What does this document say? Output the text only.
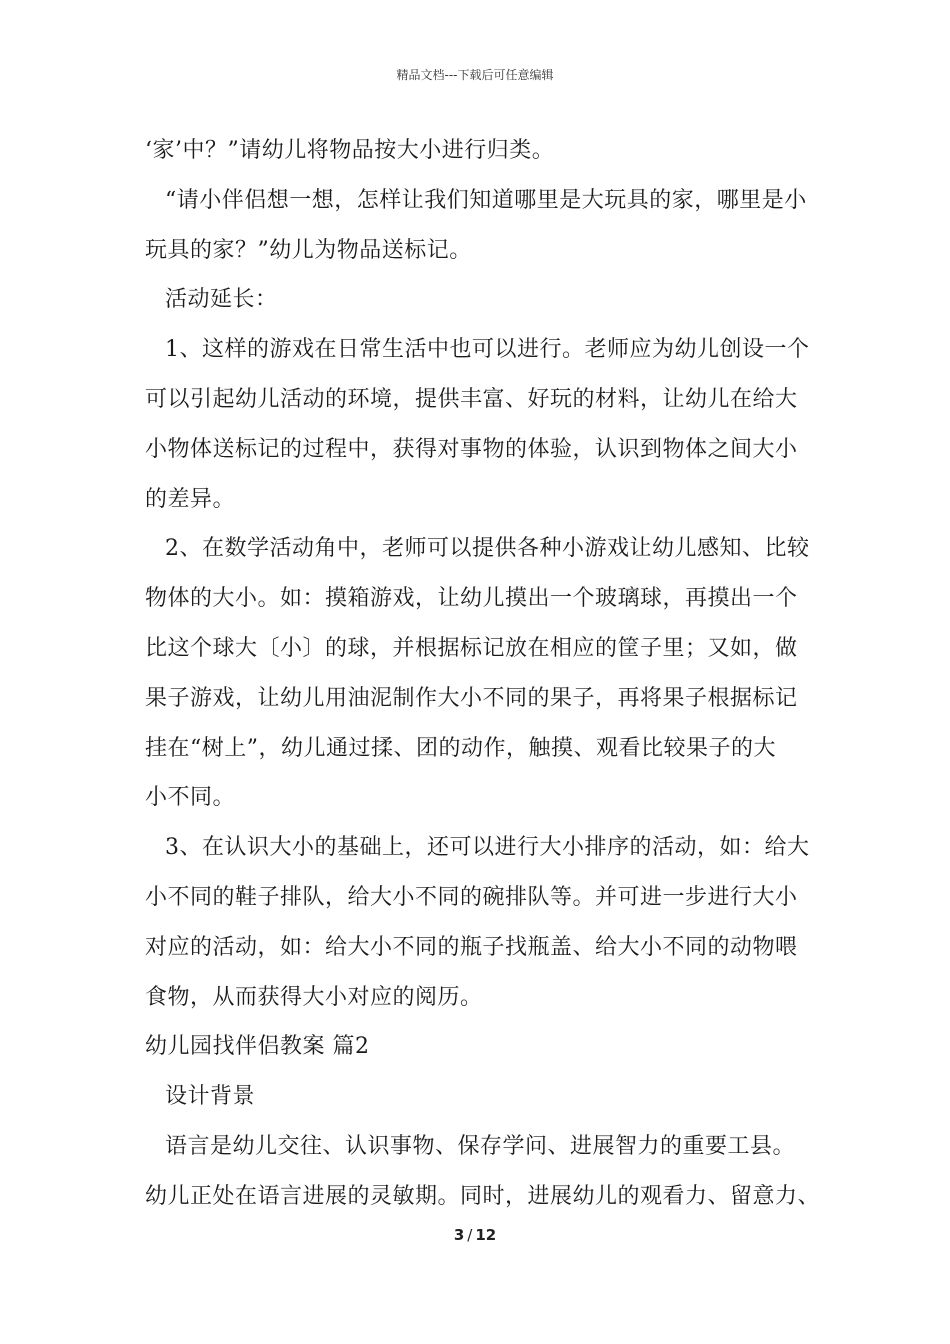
精品文档---下载后可任意编辑

‘家’中？”请幼儿将物品按大小进行归类。

“请小伴侣想一想，怎样让我们知道哪里是大玩具的家，哪里是小

玩具的家？”幼儿为物品送标记。

活动延长：

1、这样的游戏在日常生活中也可以进行。老师应为幼儿创设一个

可以引起幼儿活动的环境，提供丰富、好玩的材料，让幼儿在给大

小物体送标记的过程中，获得对事物的体验，认识到物体之间大小

的差异。

2、在数学活动角中，老师可以提供各种小游戏让幼儿感知、比较

物体的大小。如：摸箱游戏，让幼儿摸出一个玻璃球，再摸出一个

比这个球大〔小〕的球，并根据标记放在相应的筐子里；又如，做

果子游戏，让幼儿用油泥制作大小不同的果子，再将果子根据标记

挂在“树上”，幼儿通过揉、团的动作，触摸、观看比较果子的大

小不同。

3、在认识大小的基础上，还可以进行大小排序的活动，如：给大

小不同的鞋子排队，给大小不同的碗排队等。并可进一步进行大小

对应的活动，如：给大小不同的瓶子找瓶盖、给大小不同的动物喂

食物，从而获得大小对应的阅历。

幼儿园找伴侣教案 篇2

设计背景

语言是幼儿交往、认识事物、保存学问、进展智力的重要工县。

幼儿正处在语言进展的灵敏期。同时，进展幼儿的观看力、留意力、

3 / 12
